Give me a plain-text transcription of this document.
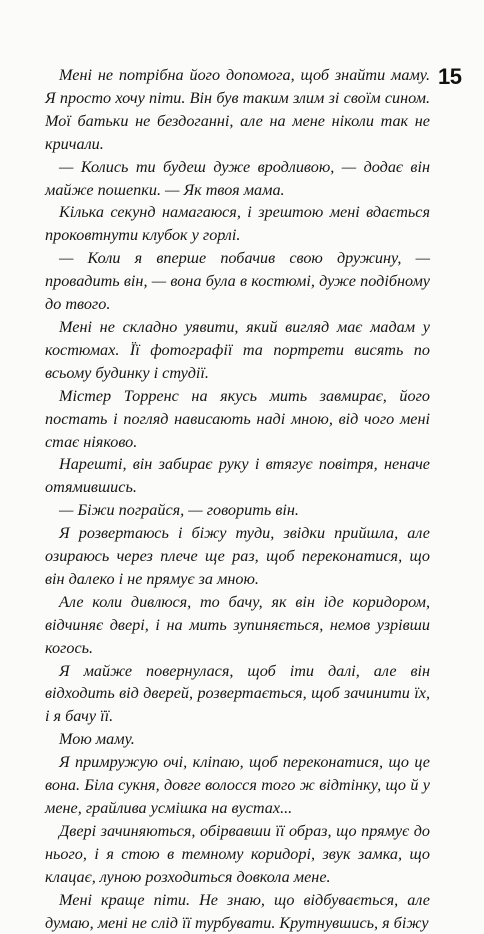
15

Мені не потрібна його допомога, щоб знайти маму. Я просто хочу піти. Він був таким злим зі своїм сином. Мої батьки не бездоганні, але на мене ніколи так не кричали.

— Колись ти будеш дуже вродливою, — додає він майже пошепки. — Як твоя мама.

Кілька секунд намагаюся, і зрештою мені вдається проковтнути клубок у горлі.

— Коли я вперше побачив свою дружину, — провадить він, — вона була в костюмі, дуже подібному до твого.

Мені не складно уявити, який вигляд має мадам у костюмах. Її фотографії та портрети висять по всьому будинку і студії.

Містер Торренс на якусь мить завмирає, його постать і погляд нависають наді мною, від чого мені стає ніяково.

Нарешті, він забирає руку і втягує повітря, неначе отямившись.

— Біжи пограйся, — говорить він.

Я розвертаюсь і біжу туди, звідки прийшла, але озираюсь через плече ще раз, щоб переконатися, що він далеко і не прямує за мною.

Але коли дивлюся, то бачу, як він іде коридором, відчиняє двері, і на мить зупиняється, немов узрівши когось.

Я майже повернулася, щоб іти далі, але він відходить від дверей, розвертається, щоб зачинити їх, і я бачу її.

Мою маму.

Я примружую очі, кліпаю, щоб переконатися, що це вона. Біла сукня, довге волосся того ж відтінку, що й у мене, грайлива усмішка на вустах...

Двері зачиняються, обірвавши її образ, що прямує до нього, і я стою в темному коридорі, звук замка, що клацає, луною розходиться довкола мене.

Мені краще піти. Не знаю, що відбувається, але думаю, мені не слід її турбувати. Крутнувшись, я біжу
